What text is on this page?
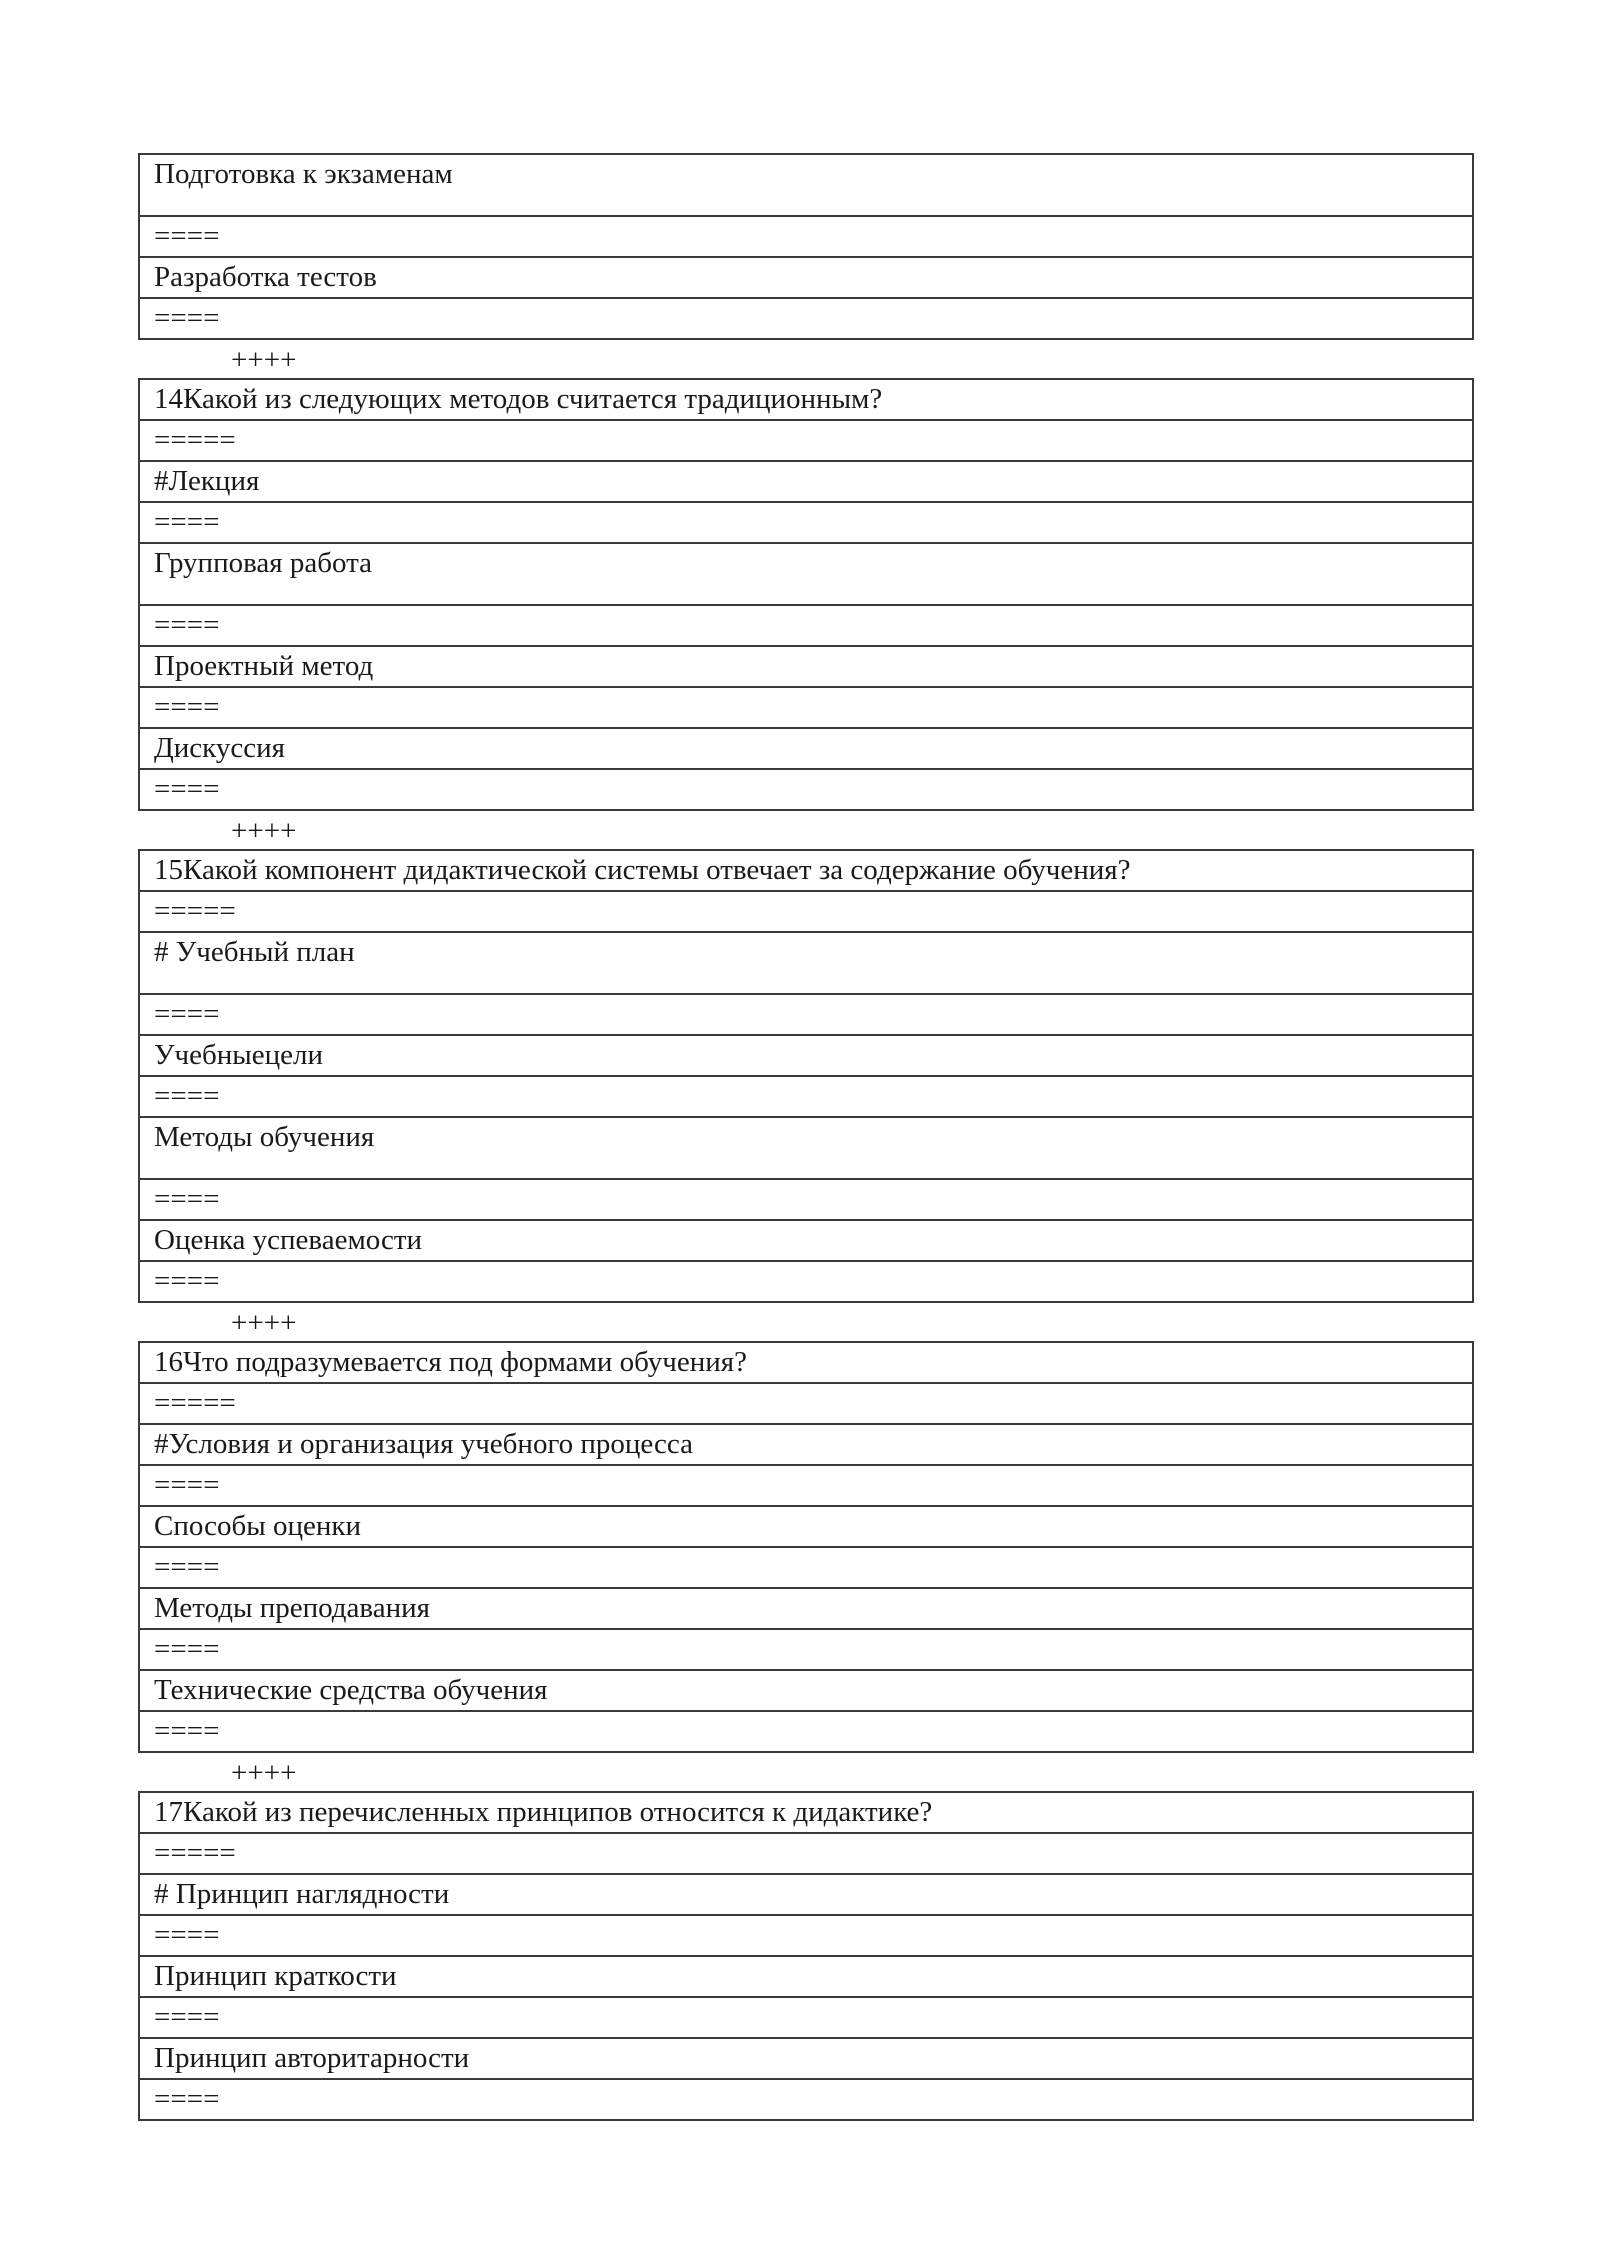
Подготовка к экзаменам

====

Разработка тестов

====
++++
14Какой из следующих методов считается традиционным?

=====

#Лекция

====

Групповая работа

====

Проектный метод

====

Дискуссия

====
++++
15Какой компонент дидактической системы отвечает за содержание обучения?

=====

# Учебный план

====

Учебныецели

====

Методы обучения

====

Оценка успеваемости

====
++++
16Что подразумевается под формами обучения?

=====

#Условия и организация учебного процесса

====

Способы оценки

====

Методы преподавания

====

Технические средства обучения

====
++++
17Какой из перечисленных принципов относится к дидактике?

=====

# Принцип наглядности

====

Принцип краткости

====

Принцип авторитарности

====
